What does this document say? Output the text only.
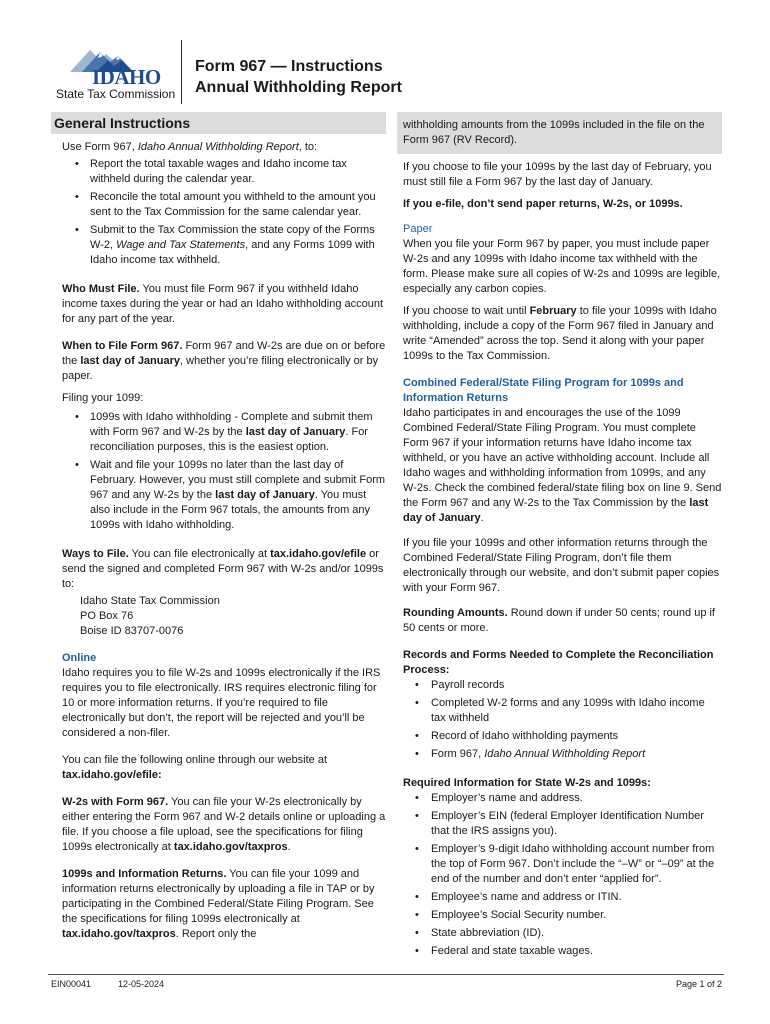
IDAHO
State Tax Commission
Form 967 — Instructions
Annual Withholding Report
General Instructions

Use Form 967, Idaho Annual Withholding Report, to:

• Report the total taxable wages and Idaho income tax withheld during the calendar year.
• Reconcile the total amount you withheld to the amount you sent to the Tax Commission for the same calendar year.
• Submit to the Tax Commission the state copy of the Forms W-2, Wage and Tax Statements, and any Forms 1099 with Idaho income tax withheld.

Who Must File. You must file Form 967 if you withheld Idaho income taxes during the year or had an Idaho withholding account for any part of the year.

When to File Form 967. Form 967 and W-2s are due on or before the last day of January, whether you’re filing electronically or by paper.

Filing your 1099:

• 1099s with Idaho withholding - Complete and submit them with Form 967 and W-2s by the last day of January. For reconciliation purposes, this is the easiest option.
• Wait and file your 1099s no later than the last day of February. However, you must still complete and submit Form 967 and any W-2s by the last day of January. You must also include in the Form 967 totals, the amounts from any 1099s with Idaho withholding.

Ways to File. You can file electronically at tax.idaho.gov/efile or send the signed and completed Form 967 with W-2s and/or 1099s to:

Idaho State Tax Commission
PO Box 76
Boise ID 83707-0076
Online

Idaho requires you to file W-2s and 1099s electronically if the IRS requires you to file electronically. IRS requires electronic filing for 10 or more information returns. If you’re required to file electronically but don’t, the report will be rejected and you’ll be considered a non-filer.

You can file the following online through our website at tax.idaho.gov/efile:

W-2s with Form 967. You can file your W-2s electronically by either entering the Form 967 and W-2 details online or uploading a file. If you choose a file upload, see the specifications for filing 1099s electronically at tax.idaho.gov/taxpros.

1099s and Information Returns. You can file your 1099 and information returns electronically by uploading a file in TAP or by participating in the Combined Federal/State Filing Program. See the specifications for filing 1099s electronically at tax.idaho.gov/taxpros. Report only the

withholding amounts from the 1099s included in the file on the Form 967 (RV Record).

If you choose to file your 1099s by the last day of February, you must still file a Form 967 by the last day of January.

If you e-file, don’t send paper returns, W-2s, or 1099s.

Paper

When you file your Form 967 by paper, you must include paper W-2s and any 1099s with Idaho income tax withheld with the form. Please make sure all copies of W-2s and 1099s are legible, especially any carbon copies.

If you choose to wait until February to file your 1099s with Idaho withholding, include a copy of the Form 967 filed in January and write “Amended” across the top. Send it along with your paper 1099s to the Tax Commission.

Combined Federal/State Filing Program for 1099s and Information Returns

Idaho participates in and encourages the use of the 1099 Combined Federal/State Filing Program. You must complete Form 967 if your information returns have Idaho income tax withheld, or you have an active withholding account. Include all Idaho wages and withholding information from 1099s, and any W-2s. Check the combined federal/state filing box on line 9. Send the Form 967 and any W-2s to the Tax Commission by the last day of January.

If you file your 1099s and other information returns through the Combined Federal/State Filing Program, don’t file them electronically through our website, and don’t submit paper copies with your Form 967.

Rounding Amounts. Round down if under 50 cents; round up if 50 cents or more.

Records and Forms Needed to Complete the Reconciliation Process:
• Payroll records
• Completed W-2 forms and any 1099s with Idaho income tax withheld
• Record of Idaho withholding payments
• Form 967, Idaho Annual Withholding Report
Required Information for State W-2s and 1099s:
• Employer’s name and address.
• Employer’s EIN (federal Employer Identification Number that the IRS assigns you).
• Employer’s 9-digit Idaho withholding account number from the top of Form 967. Don’t include the “–W” or “–09” at the end of the number and don’t enter “applied for”.
• Employee’s name and address or ITIN.
• Employee’s Social Security number.
• State abbreviation (ID).
• Federal and state taxable wages.
EIN00041	12-05-2024	Page 1 of 2
